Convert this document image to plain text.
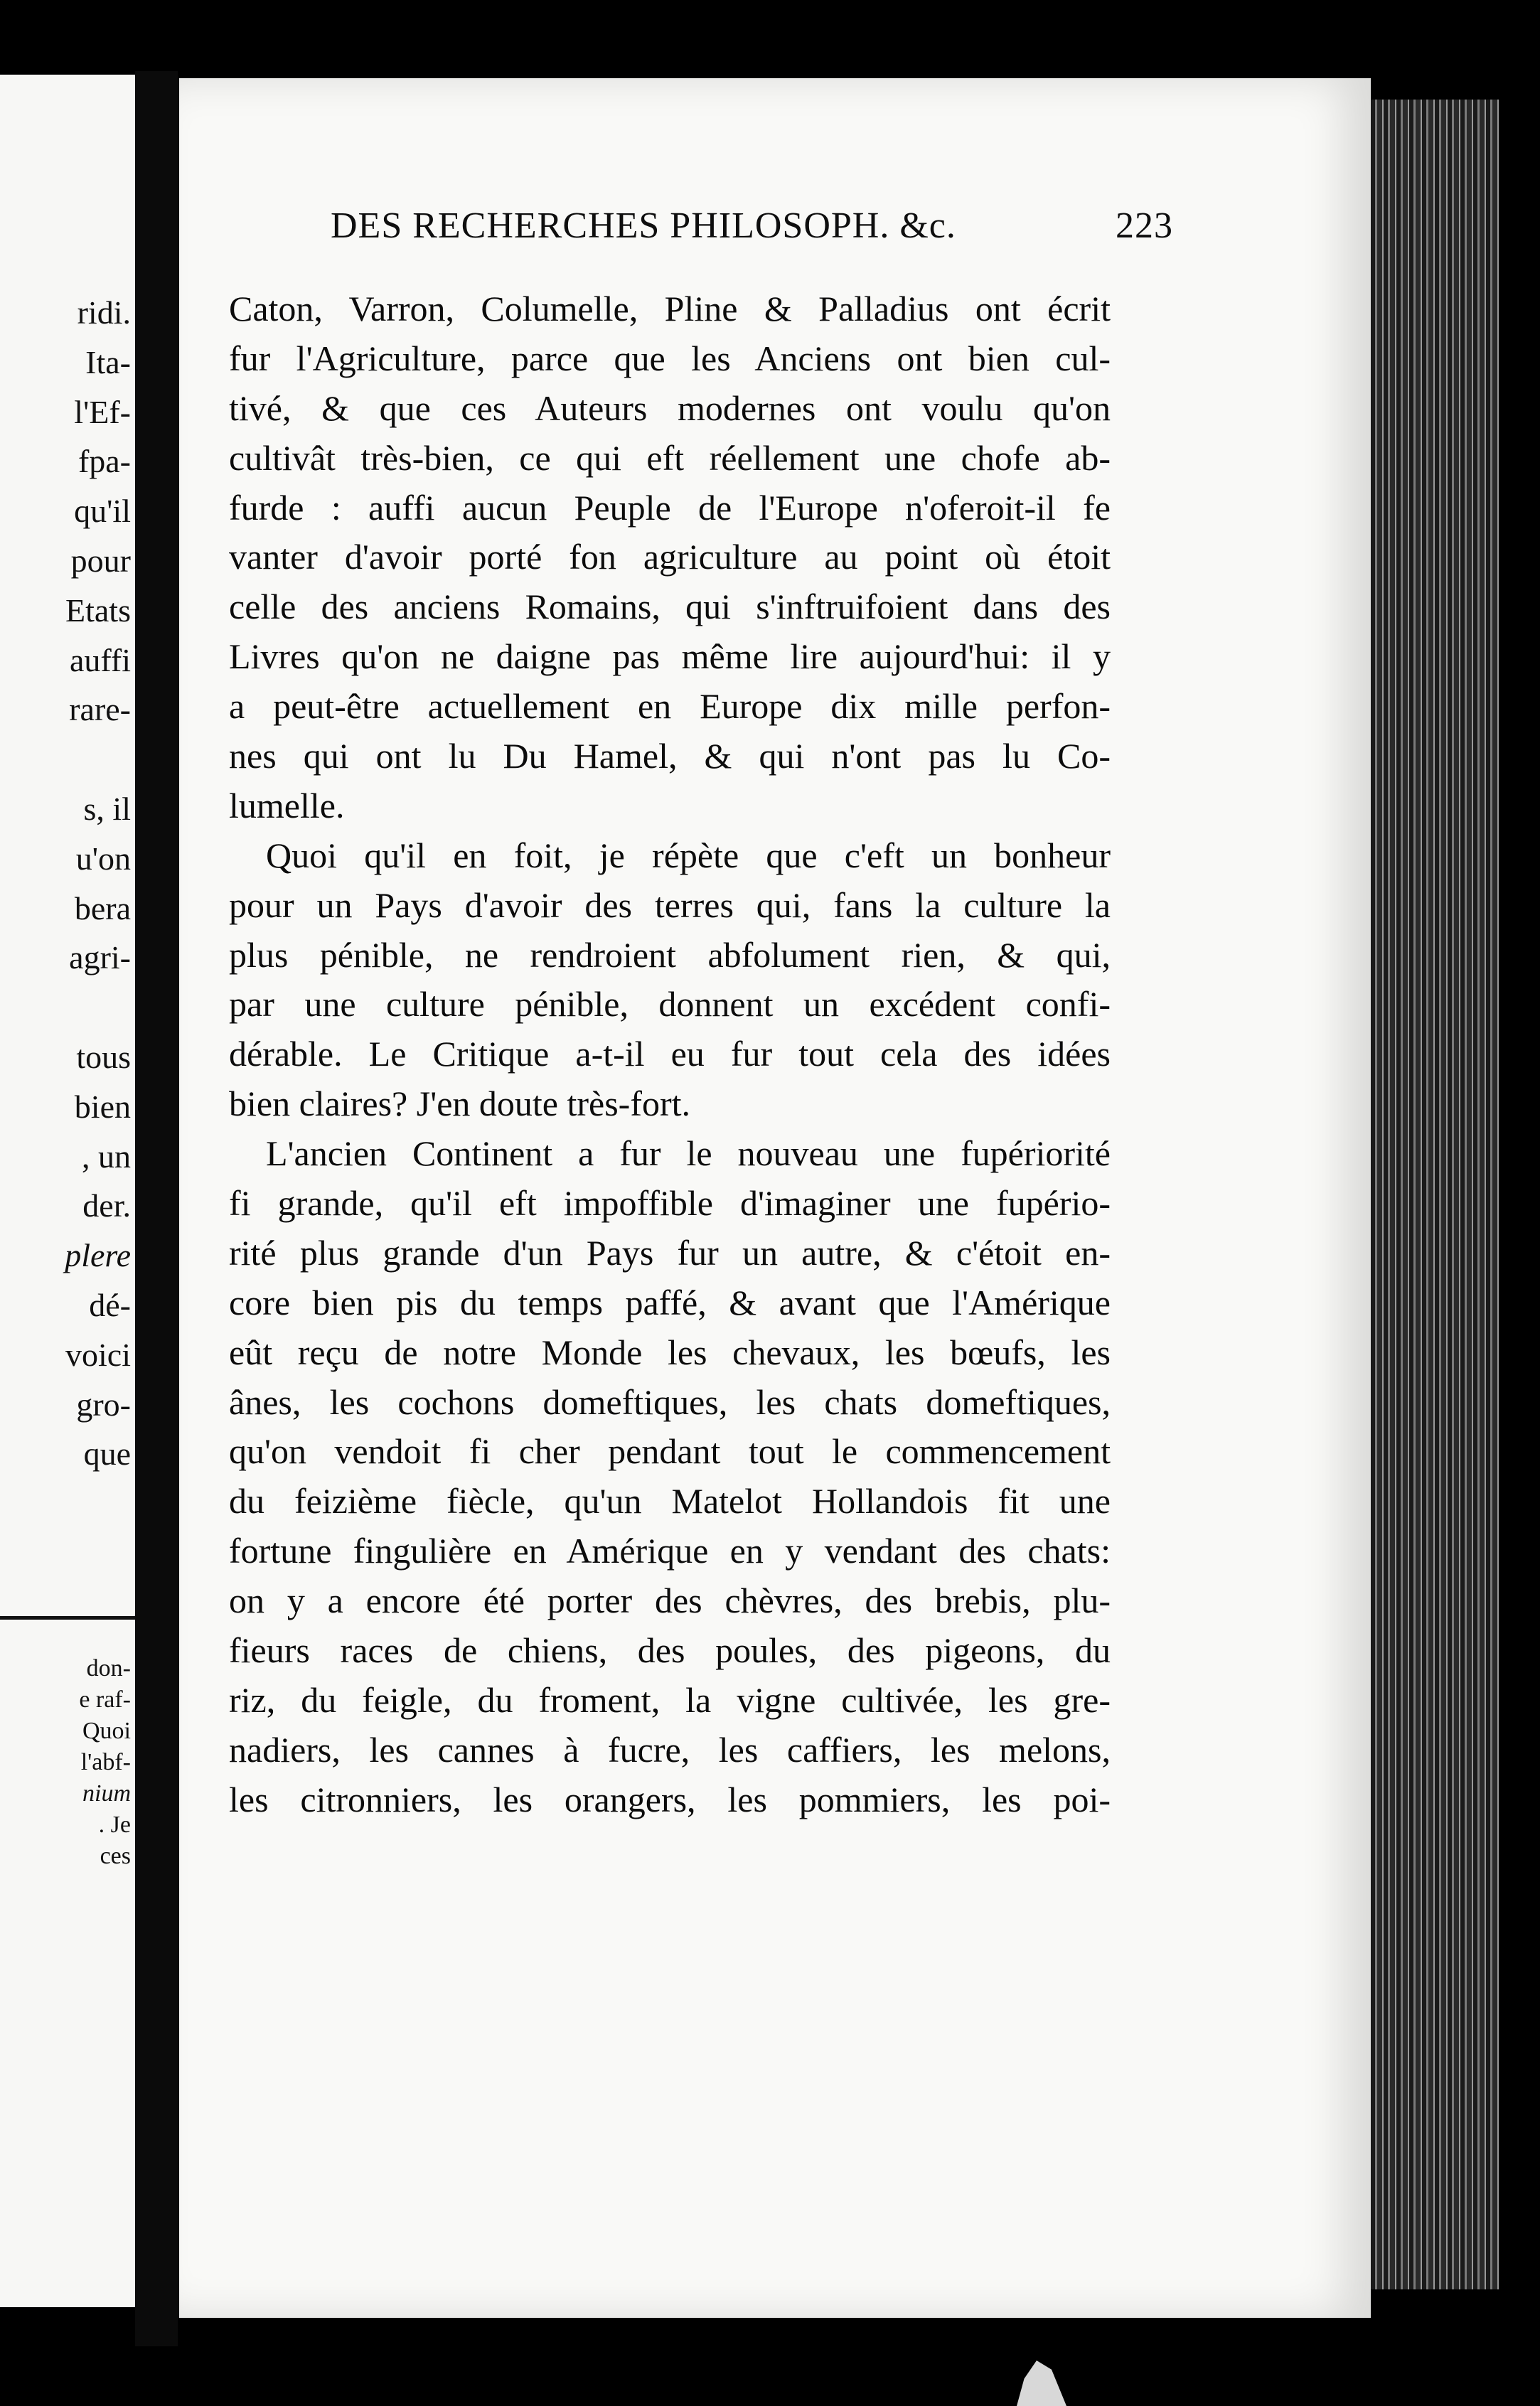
ridi.
Ita-
l'Ef-
fpa-
qu'il
pour
Etats
auffi
rare-

s, il
u'on
bera
agri-

tous
bien
, un
der.
plere
dé-
voici
gro-
que
don-
e raf-
Quoi
l'abf-
nium
. Je
ces
DES RECHERCHES PHILOSOPH. &c.	223
Caton, Varron, Columelle, Pline & Palladius ont écrit
fur l'Agriculture, parce que les Anciens ont bien cul-
tivé, & que ces Auteurs modernes ont voulu qu'on
cultivât très-bien, ce qui eft réellement une chofe ab-
furde : auffi aucun Peuple de l'Europe n'oferoit-il fe
vanter d'avoir porté fon agriculture au point où étoit
celle des anciens Romains, qui s'inftruifoient dans des
Livres qu'on ne daigne pas même lire aujourd'hui: il y
a peut-être actuellement en Europe dix mille perfon-
nes qui ont lu Du Hamel, & qui n'ont pas lu Co-
lumelle.
Quoi qu'il en foit, je répète que c'eft un bonheur
pour un Pays d'avoir des terres qui, fans la culture la
plus pénible, ne rendroient abfolument rien, & qui,
par une culture pénible, donnent un excédent confi-
dérable. Le Critique a-t-il eu fur tout cela des idées
bien claires? J'en doute très-fort.
L'ancien Continent a fur le nouveau une fupériorité
fi grande, qu'il eft impoffible d'imaginer une fupério-
rité plus grande d'un Pays fur un autre, & c'étoit en-
core bien pis du temps paffé, & avant que l'Amérique
eût reçu de notre Monde les chevaux, les bœufs, les
ânes, les cochons domeftiques, les chats domeftiques,
qu'on vendoit fi cher pendant tout le commencement
du feizième fiècle, qu'un Matelot Hollandois fit une
fortune fingulière en Amérique en y vendant des chats:
on y a encore été porter des chèvres, des brebis, plu-
fieurs races de chiens, des poules, des pigeons, du
riz, du feigle, du froment, la vigne cultivée, les gre-
nadiers, les cannes à fucre, les caffiers, les melons,
les citronniers, les orangers, les pommiers, les poi-
